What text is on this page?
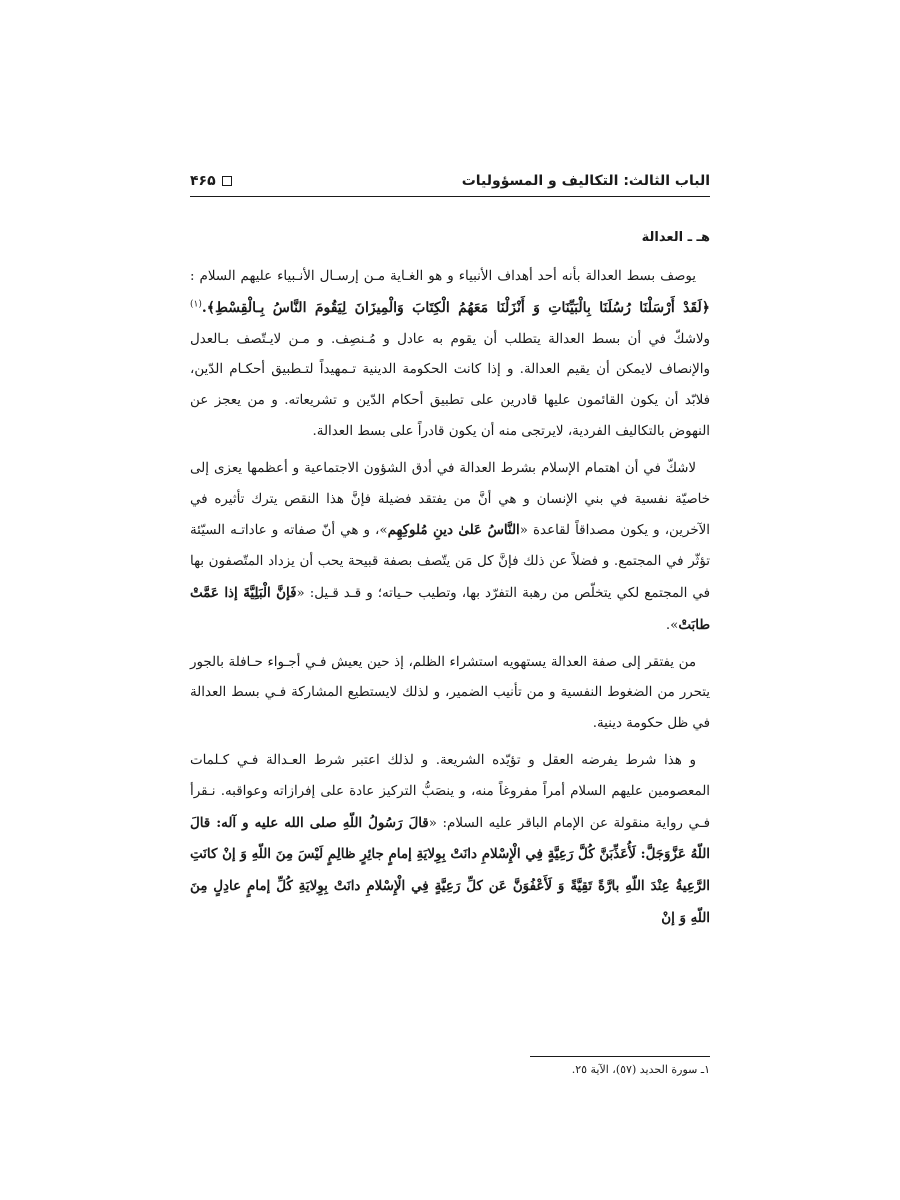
الباب الثالث: التكاليف و المسؤوليات
۴۶۵
هـ ـ العدالة

يوصف بسط العدالة بأنه أحد أهداف الأنبياء و هو الغـاية مـن إرسـال الأنـبياء عليهم السلام : ﴿لَقَدْ أَرْسَلْنَا رُسُلَنَا بِالْبَيِّنَاتِ وَ أَنْزَلْنَا مَعَهُمُ الْكِتَابَ وَالْمِيزَانَ لِيَقُومَ النَّاسُ بِـالْقِسْطِ﴾.$^{(١)}$ ولاشكّ في أن بسط العدالة يتطلب أن يقوم به عادل و مُـنصِف. و مـن لايـتّصف بـالعدل والإنصاف لايمكن أن يقيم العدالة. و إذا كانت الحكومة الدينية تـمهيداً لتـطبيق أحكـام الدّين، فلابّد أن يكون القائمون عليها قادرين على تطبيق أحكام الدّين و تشريعاته. و من يعجز عن النهوض بالتكاليف الفردية، لايرتجى منه أن يكون قادراً على بسط العدالة.

لاشكّ في أن اهتمام الإسلام بشرط العدالة في أدق الشؤون الاجتماعية و أعظمها يعزى إلى خاصيّة نفسية في بني الإنسان و هي أنَّ من يفتقد فضيلة فإنَّ هذا النقص يترك تأثيره في الآخرين، و يكون مصداقاً لقاعدة «النَّاسُ عَلىٰ دينِ مُلوكِهِم»، و هي أنّ صفاته و عاداتـه السيّئة تؤثّر في المجتمع. و فضلاً عن ذلك فإنَّ كل مَن يتّصف بصفة قبيحة يحب أن يزداد المتّصفون بها في المجتمع لكي يتخلّص من رهبة التفرّد بها، وتطيب حـياته؛ و قـد قـيل: «فَإنَّ الْبَلِيَّةَ إذا عَمَّتْ طابَتْ».

من يفتقر إلى صفة العدالة يستهويه استشراء الظلم، إذ حين يعيش فـي أجـواء حـافلة بالجور يتحرر من الضغوط النفسية و من تأنيب الضمير، و لذلك لايستطيع المشاركة فـي بسط العدالة في ظل حكومة دينية.

و هذا شرط يفرضه العقل و تؤيّده الشريعة. و لذلك اعتبر شرط العـدالة فـي كـلمات المعصومين عليهم السلام أمراً مفروغاً منه، و ينصَبُّ التركيز عادة على إفرازاته وعواقبه. نـقرأ فـي رواية منقولة عن الإمام الباقر عليه السلام: «قالَ رَسُولُ اللّهِ صلى الله عليه و آله: قالَ اللّهُ عَزَّوَجَلَّ: لَأُعَذِّبَنَّ كُلَّ رَعِيَّةٍ فِي الْإِسْلامِ دانَتْ بِوِلايَةِ إمامٍ جائِرٍ ظالِمٍ لَيْسَ مِنَ اللّهِ وَ إنْ كانَتِ الرَّعِيةُ عِنْدَ اللّهِ بارَّةً تَقِيَّةً وَ لَأَعْفُوَنَّ عَن كلِّ رَعِيَّةٍ فِي الْإِسْلامِ دانَتْ بِوِلايَةِ كُلِّ إمامٍ عادِلٍ مِنَ اللّهِ وَ إنْ

١ـ سورة الحديد (٥٧)، الآية ٢٥.
